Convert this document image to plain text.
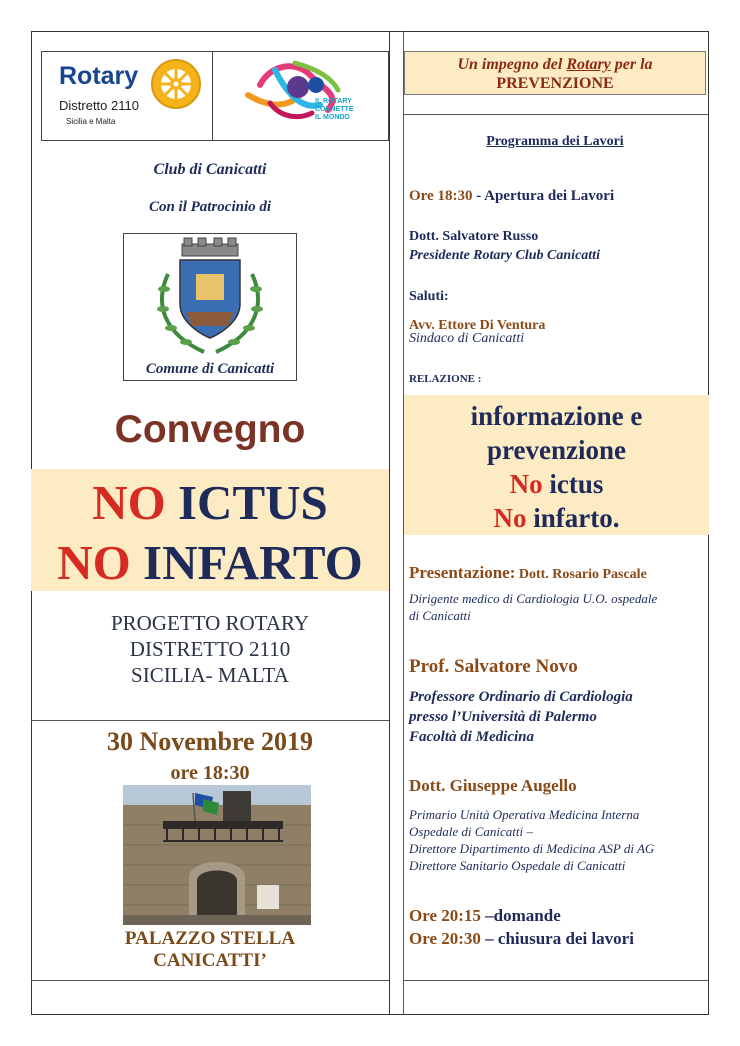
Rotary
Distretto 2110
Sicilia e Malta
IL ROTARY
CONNETTE
IL MONDO
Club di Canicatti
Con il Patrocinio di
Comune di Canicatti
Convegno
NO ICTUS
NO INFARTO
PROGETTO ROTARY
DISTRETTO 2110
SICILIA- MALTA
30 Novembre 2019
ore 18:30
PALAZZO STELLA
CANICATTI’
Un impegno del Rotary per la
PREVENZIONE
Programma dei Lavori
Ore 18:30 - Apertura dei Lavori
Dott. Salvatore Russo
Presidente Rotary Club Canicatti
Saluti:
Avv. Ettore Di Ventura
Sindaco di Canicatti
RELAZIONE :
informazione e
prevenzione
No ictus
No infarto.
Presentazione: Dott. Rosario Pascale
Dirigente medico di Cardiologia U.O. ospedale
di Canicatti
Prof. Salvatore Novo
Professore Ordinario di Cardiologia
presso l’Università di Palermo
Facoltà di Medicina
Dott. Giuseppe Augello
Primario Unità Operativa Medicina Interna
Ospedale di Canicatti –
Direttore Dipartimento di Medicina ASP di AG
Direttore Sanitario Ospedale di Canicatti
Ore 20:15 –domande
Ore 20:30 – chiusura dei lavori
